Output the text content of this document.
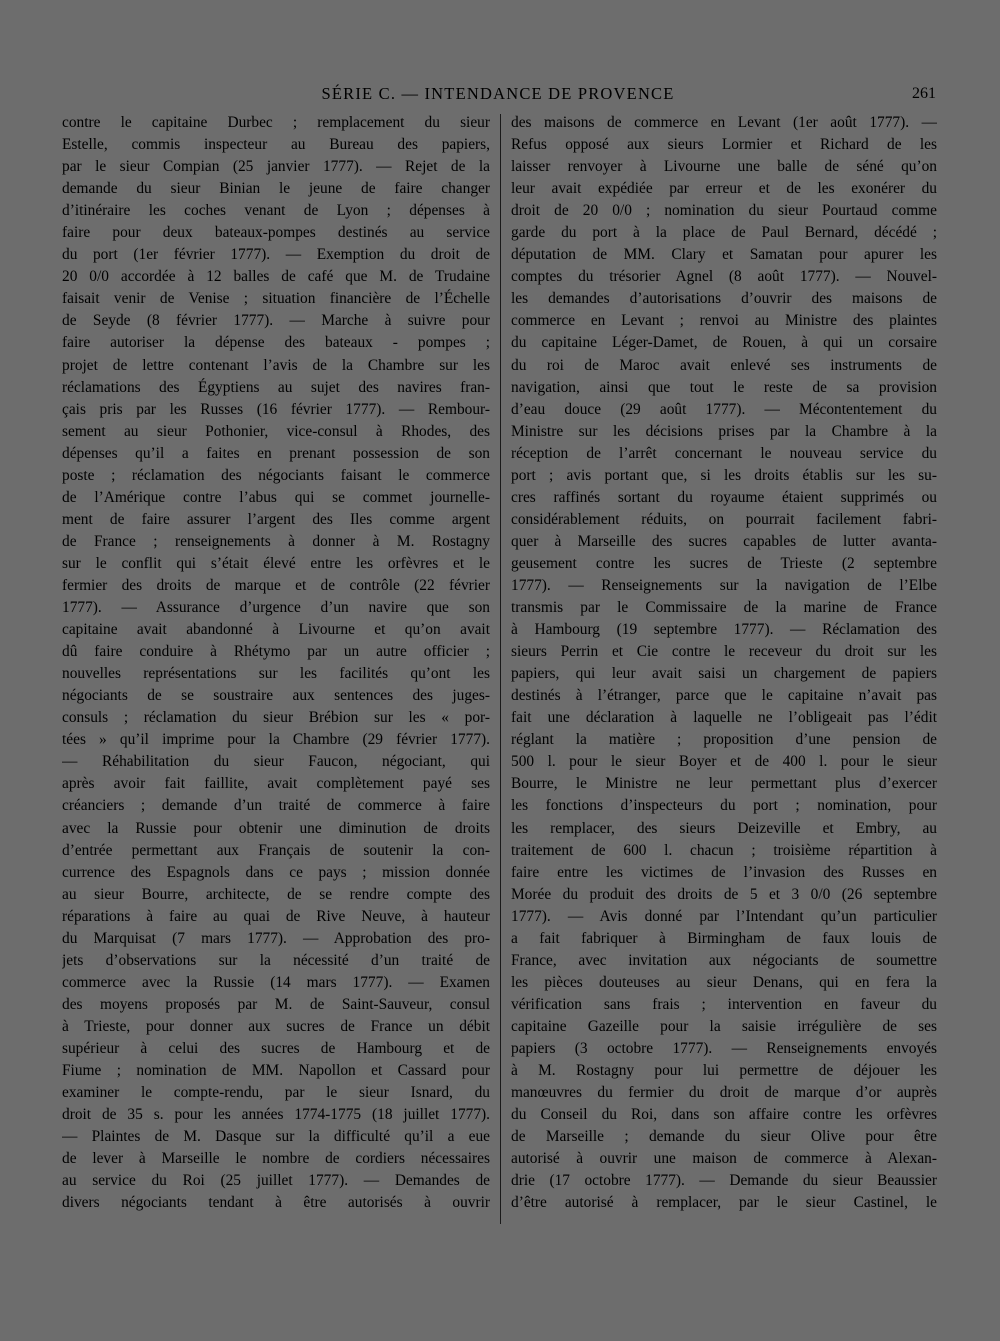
SÉRIE C. — INTENDANCE DE PROVENCE	261
contre le capitaine Durbec ; remplacement du sieur
Estelle, commis inspecteur au Bureau des papiers,
par le sieur Compian (25 janvier 1777). — Rejet de la
demande du sieur Binian le jeune de faire changer
d’itinéraire les coches venant de Lyon ; dépenses à
faire pour deux bateaux-pompes destinés au service
du port (1er février 1777). — Exemption du droit de
20 0/0 accordée à 12 balles de café que M. de Trudaine
faisait venir de Venise ; situation financière de l’Échelle
de Seyde (8 février 1777). — Marche à suivre pour
faire autoriser la dépense des bateaux - pompes ;
projet de lettre contenant l’avis de la Chambre sur les
réclamations des Égyptiens au sujet des navires fran-
çais pris par les Russes (16 février 1777). — Rembour-
sement au sieur Pothonier, vice-consul à Rhodes, des
dépenses qu’il a faites en prenant possession de son
poste ; réclamation des négociants faisant le commerce
de l’Amérique contre l’abus qui se commet journelle-
ment de faire assurer l’argent des Iles comme argent
de France ; renseignements à donner à M. Rostagny
sur le conflit qui s’était élevé entre les orfèvres et le
fermier des droits de marque et de contrôle (22 février
1777). — Assurance d’urgence d’un navire que son
capitaine avait abandonné à Livourne et qu’on avait
dû faire conduire à Rhétymo par un autre officier ;
nouvelles représentations sur les facilités qu’ont les
négociants de se soustraire aux sentences des juges-
consuls ; réclamation du sieur Brébion sur les « por-
tées » qu’il imprime pour la Chambre (29 février 1777).
— Réhabilitation du sieur Faucon, négociant, qui
après avoir fait faillite, avait complètement payé ses
créanciers ; demande d’un traité de commerce à faire
avec la Russie pour obtenir une diminution de droits
d’entrée permettant aux Français de soutenir la con-
currence des Espagnols dans ce pays ; mission donnée
au sieur Bourre, architecte, de se rendre compte des
réparations à faire au quai de Rive Neuve, à hauteur
du Marquisat (7 mars 1777). — Approbation des pro-
jets d’observations sur la nécessité d’un traité de
commerce avec la Russie (14 mars 1777). — Examen
des moyens proposés par M. de Saint-Sauveur, consul
à Trieste, pour donner aux sucres de France un débit
supérieur à celui des sucres de Hambourg et de
Fiume ; nomination de MM. Napollon et Cassard pour
examiner le compte-rendu, par le sieur Isnard, du
droit de 35 s. pour les années 1774-1775 (18 juillet 1777).
— Plaintes de M. Dasque sur la difficulté qu’il a eue
de lever à Marseille le nombre de cordiers nécessaires
au service du Roi (25 juillet 1777). — Demandes de
divers négociants tendant à être autorisés à ouvrir
des maisons de commerce en Levant (1er août 1777). —
Refus opposé aux sieurs Lormier et Richard de les
laisser renvoyer à Livourne une balle de séné qu’on
leur avait expédiée par erreur et de les exonérer du
droit de 20 0/0 ; nomination du sieur Pourtaud comme
garde du port à la place de Paul Bernard, décédé ;
députation de MM. Clary et Samatan pour apurer les
comptes du trésorier Agnel (8 août 1777). — Nouvel-
les demandes d’autorisations d’ouvrir des maisons de
commerce en Levant ; renvoi au Ministre des plaintes
du capitaine Léger-Damet, de Rouen, à qui un corsaire
du roi de Maroc avait enlevé ses instruments de
navigation, ainsi que tout le reste de sa provision
d’eau douce (29 août 1777). — Mécontentement du
Ministre sur les décisions prises par la Chambre à la
réception de l’arrêt concernant le nouveau service du
port ; avis portant que, si les droits établis sur les su-
cres raffinés sortant du royaume étaient supprimés ou
considérablement réduits, on pourrait facilement fabri-
quer à Marseille des sucres capables de lutter avanta-
geusement contre les sucres de Trieste (2 septembre
1777). — Renseignements sur la navigation de l’Elbe
transmis par le Commissaire de la marine de France
à Hambourg (19 septembre 1777). — Réclamation des
sieurs Perrin et Cie contre le receveur du droit sur les
papiers, qui leur avait saisi un chargement de papiers
destinés à l’étranger, parce que le capitaine n’avait pas
fait une déclaration à laquelle ne l’obligeait pas l’édit
réglant la matière ; proposition d’une pension de
500 l. pour le sieur Boyer et de 400 l. pour le sieur
Bourre, le Ministre ne leur permettant plus d’exercer
les fonctions d’inspecteurs du port ; nomination, pour
les remplacer, des sieurs Deizeville et Embry, au
traitement de 600 l. chacun ; troisième répartition à
faire entre les victimes de l’invasion des Russes en
Morée du produit des droits de 5 et 3 0/0 (26 septembre
1777). — Avis donné par l’Intendant qu’un particulier
a fait fabriquer à Birmingham de faux louis de
France, avec invitation aux négociants de soumettre
les pièces douteuses au sieur Denans, qui en fera la
vérification sans frais ; intervention en faveur du
capitaine Gazeille pour la saisie irrégulière de ses
papiers (3 octobre 1777). — Renseignements envoyés
à M. Rostagny pour lui permettre de déjouer les
manœuvres du fermier du droit de marque d’or auprès
du Conseil du Roi, dans son affaire contre les orfèvres
de Marseille ; demande du sieur Olive pour être
autorisé à ouvrir une maison de commerce à Alexan-
drie (17 octobre 1777). — Demande du sieur Beaussier
d’être autorisé à remplacer, par le sieur Castinel, le
